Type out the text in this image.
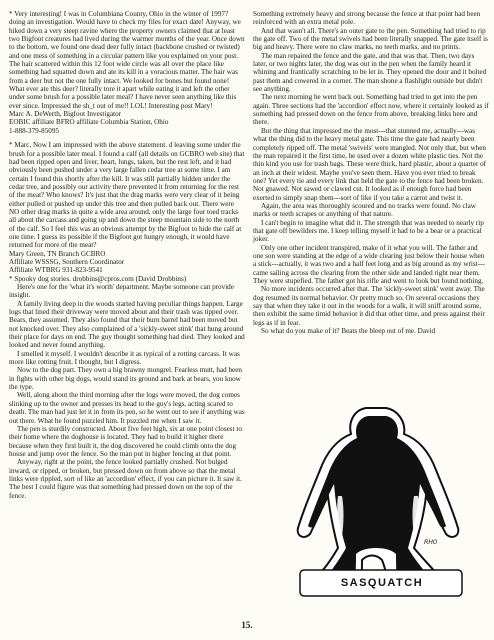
* Very interesting! I was in Columbiana County, Ohio in the winter of 1997? doing an investigation. Would have to check my files for exact date! Anyway, we hiked down a very steep ravine where the property owners claimed that at least two Bigfoot creatures had lived during the warmer months of the year. Once down to the bottom, we found one dead deer fully intact (backbone crushed or twisted) and one mess of something in a circular pattern like you explained on your post. The hair scattered within this 12 foot wide circle was all over the place like something had squatted down and ate its kill in a voracious matter. The hair was from a deer but not the one fully intact. We looked for bones but found none! What ever ate this deer? literally tore it apart while eating it and left the other under some brush for a possible later meal? I have never seen anything like this ever since. Impressed the sh_t out of me!! LOL! Interesting post Mary!

Marc A. DeWerth, Bigfoot Investigator

EOBIC affiliate BFRO affiliate Columbia Station, Ohio

1-888-379-85095

* Marc, Now I am impressed with the above statement. d leaving some under the brush for a possible later meal. I found a calf (all details on GCBRO web site) that had been ripped open and liver, heart, lungs, taken, but the rest left, and it had obviously been pushed under a very large fallen cedar tree at some time. I am certain I found this shortly after the kill. It was still partially hidden under the cedar tree, and possibly our activity there prevented it from returning for the rest of the meat? Who knows? It's just that the drag marks were very clear of it being either pulled or pushed up under this tree and then pulled back out. There were NO other drag marks in quite a wide area around, only the large four toed tracks all about the carcass and going up and down the steep mountain side to the north of the calf. So I feel this was an obvious attempt by the Bigfoot to hide the calf at one time. I guess its possible if the Bigfoot got hungry enough, it would have returned for more of the meat?

Mary Green, TN Branch GCBRO

Affiliate WSSSG, Southern Coordinator

Affiliate WTBRG 931-823-9541

* Spooky dog stories. drobbins@cpros.com (David Drobbins)

Here's one for the 'what it's worth' department. Maybe someone can provide insight.

A family living deep in the woods started having peculiar things happen. Large logs that lined their driveway were moved about and their trash was tipped over. Bears, they assumed. They also found that their burn barrel had been moved but not knocked over. They also complained of a 'sickly-sweet stink' that hung around their place for days on end. The guy thought something had died. They looked and looked and never found anything.

I smelled it myself. I wouldn't describe it as typical of a rotting carcass. It was more like rotting fruit, I thought, but I digress.

Now to the dog part. They own a big brawny mongrel. Fearless mutt, had been in fights with other big dogs, would stand its ground and bark at bears, you know the type.

Well, along about the third morning after the logs were moved, the dog comes slinking up to the owner and presses its head to the guy's legs, acting scared to death. The man had just let it in from its pen, so he went out to see if anything was out there. What he found puzzled him. It puzzled me when I saw it.

The pen is sturdily constructed. About five feet high, six at one point closest to their home where the doghouse is located. They had to build it higher there because when they first built it, the dog discovered he could climb onto the dog house and jump over the fence. So the man put in higher fencing at that point.

Anyway, right at the point, the fence looked partially crushed. Not bulged inward, or ripped, or broken, but pressed down on from above so that the metal links were rippled, sort of like an 'accordion' effect, if you can picture it. It saw it. The best I could figure was that something had pressed down on the top of the fence.

Something extremely heavy and strong because the fence at that point had been reinforced with an extra metal pole.

And that wasn't all. There's an outer gate to the pen. Something had tried to rip the gate off. Two of the metal swivels had been literally snapped. The gate itself is big and heavy. There were no claw marks, no teeth marks, and no prints.

The man repaired the fence and the gate, and that was that. Then, two days later, or two nights later, the dog was out in the pen when the family heard it whining and frantically scratching to be let in. They opened the door and it bolted past them and cowered in a corner. The man shone a flashlight outside but didn't see anything.

The next morning he went back out. Something had tried to get into the pen again. Three sections had the 'accordion' effect now, where it certainly looked as if something had pressed down on the fence from above, breaking links here and there.

But the thing that impressed me the most---that stunned me, actually---was what the thing did to the heavy metal gate. This time the gate had nearly been completely ripped off. The metal 'swivels' were mangled. Not only that, but when the man repaired it the first time, he used over a dozen white plastic ties. Not the thin kind you use for trash bags. These were thick, hard plastic, about a quarter of an inch at their widest. Maybe you've seen them. Have you ever tried to break one? Yet every tie and every link that held the gate to the fence had been broken. Not gnawed. Not sawed or clawed cut. It looked as if enough force had been exerted to simply snap them---sort of like if you take a carrot and twist it.

Again, the area was thoroughly scoured and no tracks were found. No claw marks or teeth scrapes or anything of that nature.

I can't begin to imagine what did it. The strength that was needed to nearly rip that gate off bewilders me. I keep telling myself it had to be a bear or a practical joker.

Only one other incident transpired, make of it what you will. The father and one son were standing at the edge of a wide clearing just below their house when a stick---actually, it was two and a half feet long and as big around as my wrist---came sailing across the clearing from the other side and landed right near them. They were stupefied. The father got his rifle and went to look but found nothing.

No more incidents occurred after that. The 'sickly-sweet stink' went away. The dog resumed its normal behavior. Or pretty much so. On several occasions they say that when they take it out in the woods for a walk, it will sniff around some, then exhibit the same timid behavior it did that other time, and press against their legs as if in fear.

So what do you make of it? Beats the bleep out of me. David

RHO
SASQUATCH
15.
